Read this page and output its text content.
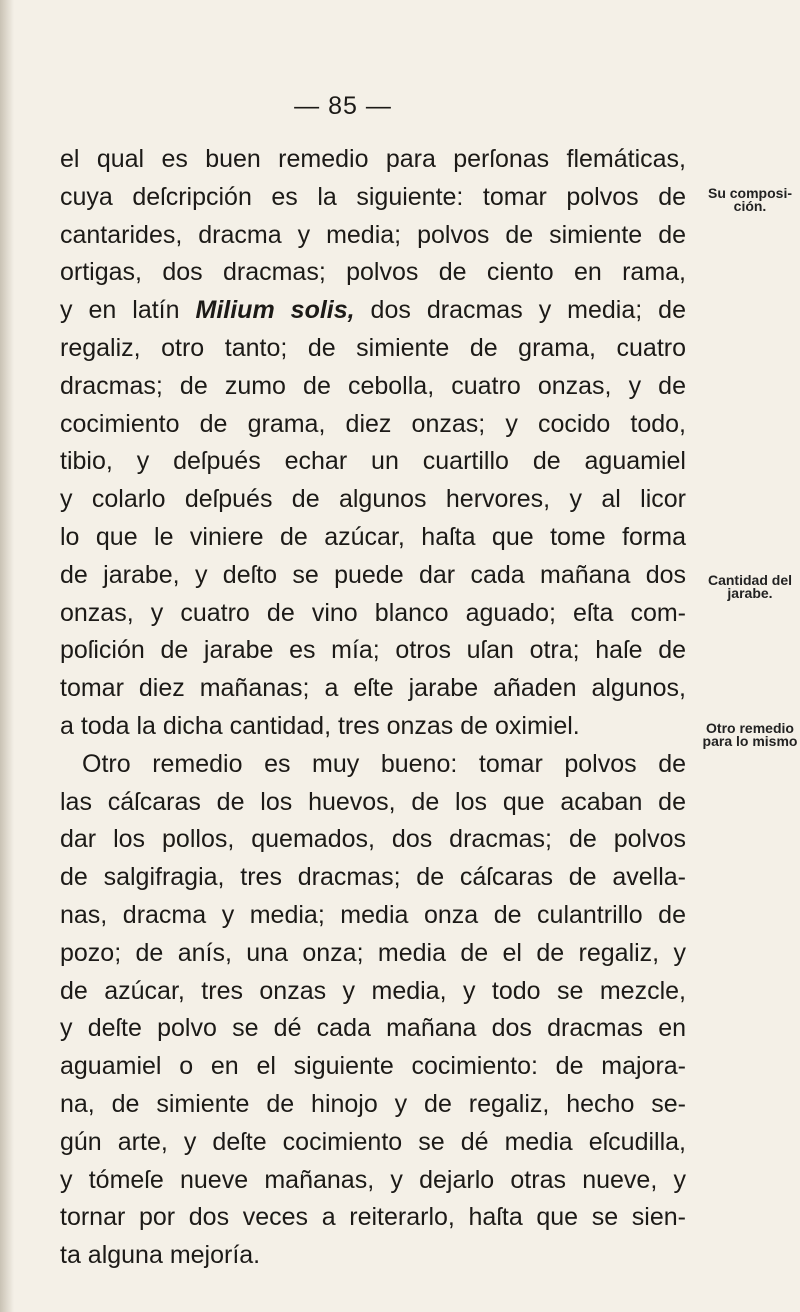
— 85 —
el qual es buen remedio para perſonas flemáticas,
cuya deſcripción es la siguiente: tomar polvos de
cantarides, dracma y media; polvos de simiente de
ortigas, dos dracmas; polvos de ciento en rama,
y en latín Milium solis, dos dracmas y media; de
regaliz, otro tanto; de simiente de grama, cuatro
dracmas; de zumo de cebolla, cuatro onzas, y de
cocimiento de grama, diez onzas; y cocido todo,
tibio, y deſpués echar un cuartillo de aguamiel
y colarlo deſpués de algunos hervores, y al licor
lo que le viniere de azúcar, haſta que tome forma
de jarabe, y deſto se puede dar cada mañana dos
onzas, y cuatro de vino blanco aguado; eſta com-
poſición de jarabe es mía; otros uſan otra; haſe de
tomar diez mañanas; a eſte jarabe añaden algunos,
a toda la dicha cantidad, tres onzas de oximiel.
Otro remedio es muy bueno: tomar polvos de
las cáſcaras de los huevos, de los que acaban de
dar los pollos, quemados, dos dracmas; de polvos
de salgifragia, tres dracmas; de cáſcaras de avella-
nas, dracma y media; media onza de culantrillo de
pozo; de anís, una onza; media de el de regaliz, y
de azúcar, tres onzas y media, y todo se mezcle,
y deſte polvo se dé cada mañana dos dracmas en
aguamiel o en el siguiente cocimiento: de majora-
na, de simiente de hinojo y de regaliz, hecho se-
gún arte, y deſte cocimiento se dé media eſcudilla,
y tómeſe nueve mañanas, y dejarlo otras nueve, y
tornar por dos veces a reiterarlo, haſta que se sien-
ta alguna mejoría.
Su composi-
ción.
Cantidad del
jarabe.
Otro remedio
para lo mismo
